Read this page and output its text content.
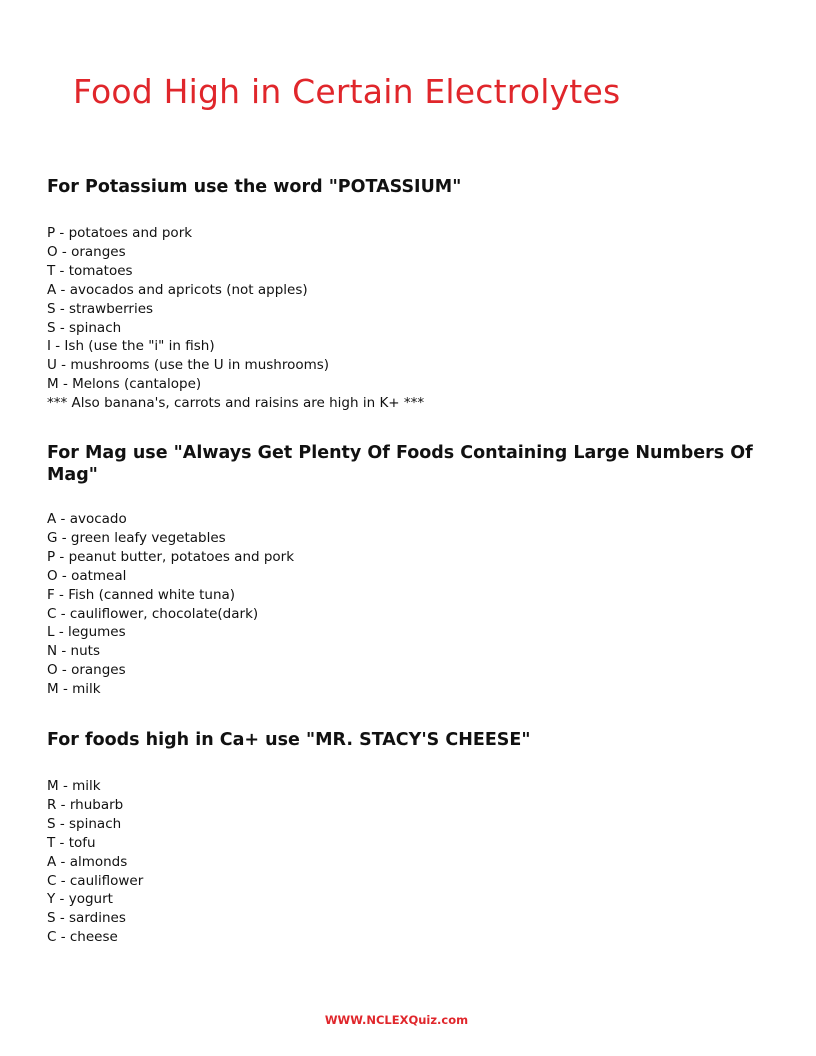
Food High in Certain Electrolytes
For Potassium use the word "POTASSIUM"
P - potatoes and pork
O - oranges
T - tomatoes
A - avocados and apricots (not apples)
S - strawberries
S - spinach
I - Ish (use the "i" in fish)
U - mushrooms (use the U in mushrooms)
M - Melons (cantalope)
*** Also banana's, carrots and raisins are high in K+ ***
For Mag use "Always Get Plenty Of Foods Containing Large Numbers Of Mag"
A - avocado
G - green leafy vegetables
P - peanut butter, potatoes and pork
O - oatmeal
F - Fish (canned white tuna)
C - cauliflower, chocolate(dark)
L - legumes
N - nuts
O - oranges
M - milk
For foods high in Ca+ use "MR. STACY'S CHEESE"
M - milk
R - rhubarb
S - spinach
T - tofu
A - almonds
C - cauliflower
Y - yogurt
S - sardines
C - cheese
WWW.NCLEXQuiz.com
